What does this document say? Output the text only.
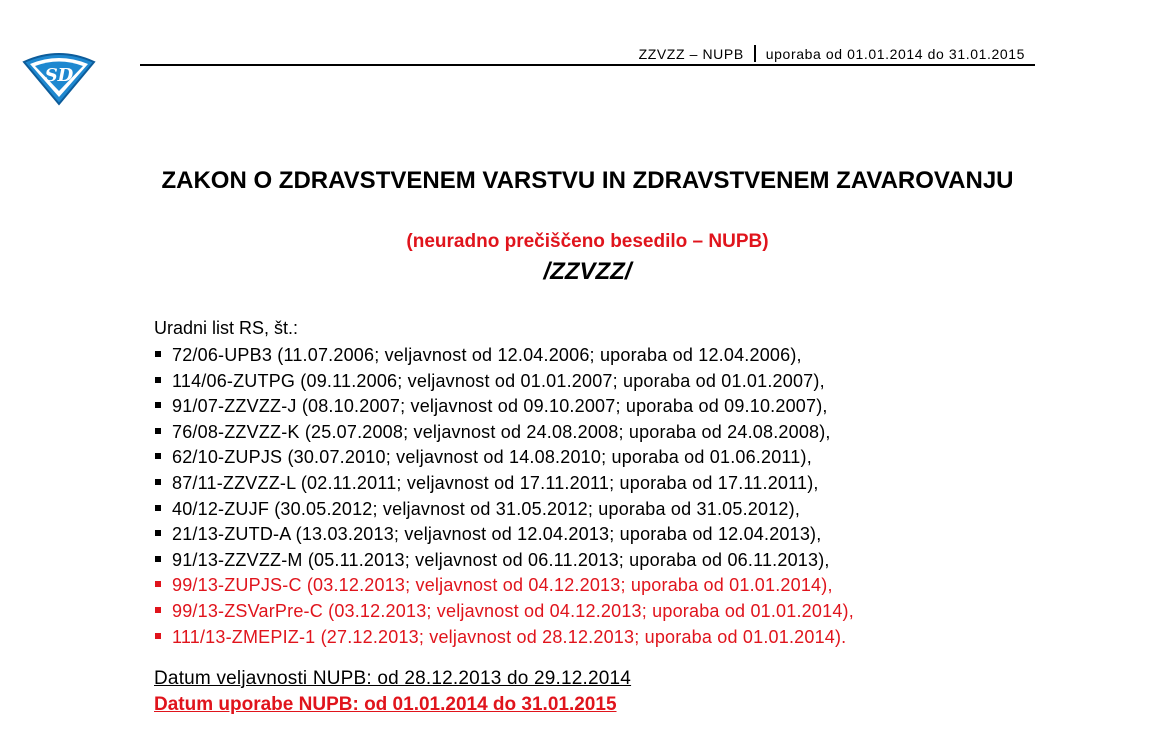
SD
ZZVZZ – NUPB uporaba od 01.01.2014 do 31.01.2015
ZAKON O ZDRAVSTVENEM VARSTVU IN ZDRAVSTVENEM ZAVAROVANJU
(neuradno prečiščeno besedilo – NUPB)
/ZZVZZ/
Uradni list RS, št.:
72/06-UPB3 (11.07.2006; veljavnost od 12.04.2006; uporaba od 12.04.2006),
114/06-ZUTPG (09.11.2006; veljavnost od 01.01.2007; uporaba od 01.01.2007),
91/07-ZZVZZ-J (08.10.2007; veljavnost od 09.10.2007; uporaba od 09.10.2007),
76/08-ZZVZZ-K (25.07.2008; veljavnost od 24.08.2008; uporaba od 24.08.2008),
62/10-ZUPJS (30.07.2010; veljavnost od 14.08.2010; uporaba od 01.06.2011),
87/11-ZZVZZ-L (02.11.2011; veljavnost od 17.11.2011; uporaba od 17.11.2011),
40/12-ZUJF (30.05.2012; veljavnost od 31.05.2012; uporaba od 31.05.2012),
21/13-ZUTD-A (13.03.2013; veljavnost od 12.04.2013; uporaba od 12.04.2013),
91/13-ZZVZZ-M (05.11.2013; veljavnost od 06.11.2013; uporaba od 06.11.2013),
99/13-ZUPJS-C (03.12.2013; veljavnost od 04.12.2013; uporaba od 01.01.2014),
99/13-ZSVarPre-C (03.12.2013; veljavnost od 04.12.2013; uporaba od 01.01.2014),
111/13-ZMEPIZ-1 (27.12.2013; veljavnost od 28.12.2013; uporaba od 01.01.2014).
Datum veljavnosti NUPB: od 28.12.2013 do 29.12.2014
Datum uporabe NUPB: od 01.01.2014 do 31.01.2015
